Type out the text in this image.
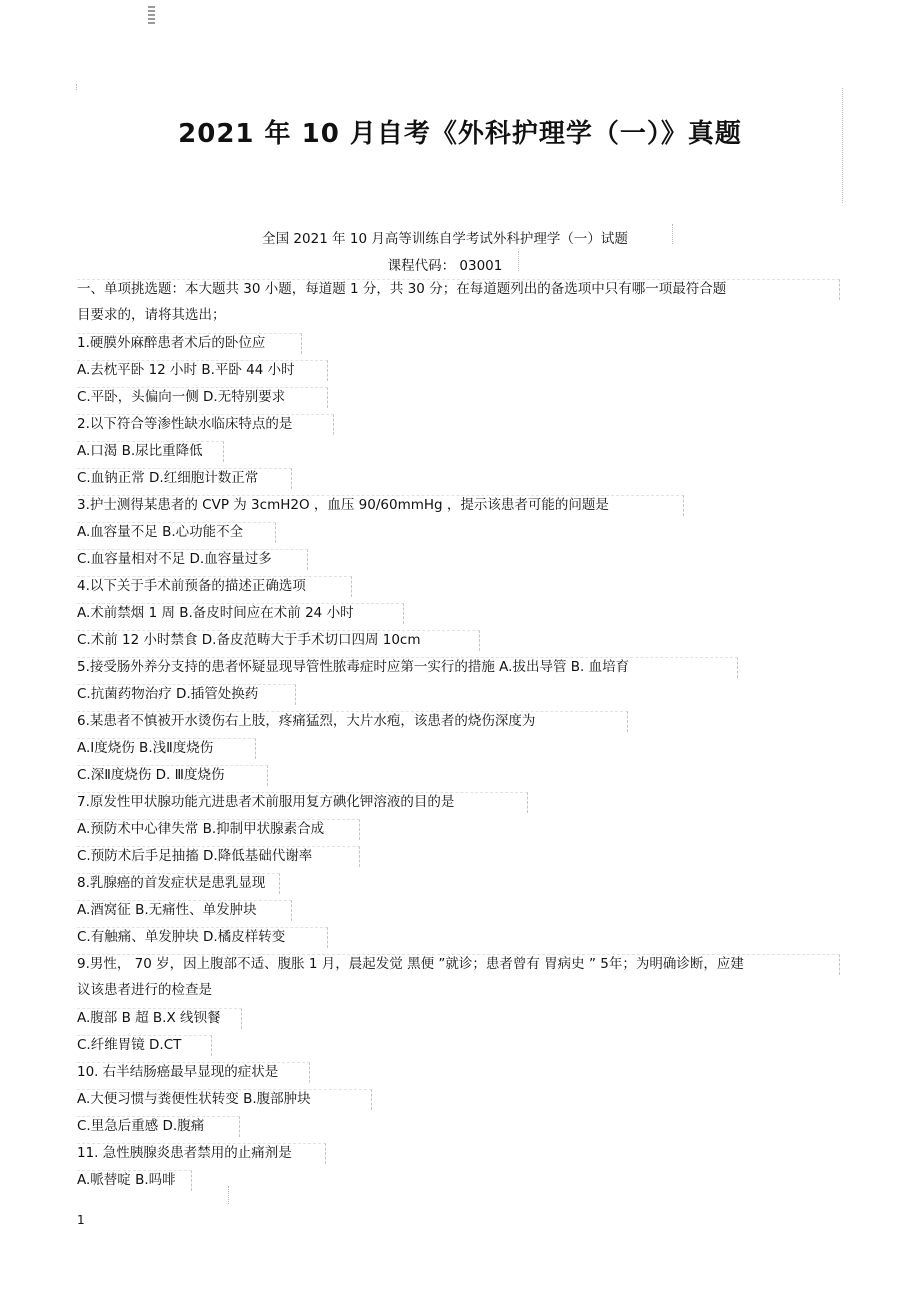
2021 年 10 月自考《外科护理学（一）》真题
全国 2021 年 10 月高等训练自学考试外科护理学（一）试题
课程代码： 03001
一、单项挑选题：本大题共 30 小题，每道题 1 分，共 30 分；在每道题列出的备选项中只有哪一项最符合题
目要求的，请将其选出；
1.硬膜外麻醉患者术后的卧位应
A.去枕平卧 12 小时 B.平卧 44 小时
C.平卧，头偏向一侧 D.无特别要求
2.以下符合等渗性缺水临床特点的是
A.口渴 B.尿比重降低
C.血钠正常 D.红细胞计数正常
3.护士测得某患者的 CVP 为 3cmH2O ，血压 90/60mmHg ，提示该患者可能的问题是
A.血容量不足 B.心功能不全
C.血容量相对不足 D.血容量过多
4.以下关于手术前预备的描述正确选项
A.术前禁烟 1 周 B.备皮时间应在术前 24 小时
C.术前 12 小时禁食 D.备皮范畴大于手术切口四周 10cm
5.接受肠外养分支持的患者怀疑显现导管性脓毒症时应第一实行的措施 A.拔出导管 B. 血培育
C.抗菌药物治疗 D.插管处换药
6.某患者不慎被开水烫伤右上肢，疼痛猛烈，大片水疱，该患者的烧伤深度为
A.Ⅰ度烧伤 B.浅Ⅱ度烧伤
C.深Ⅱ度烧伤 D. Ⅲ度烧伤
7.原发性甲状腺功能亢进患者术前服用复方碘化钾溶液的目的是
A.预防术中心律失常 B.抑制甲状腺素合成
C.预防术后手足抽搐 D.降低基础代谢率
8.乳腺癌的首发症状是患乳显现
A.酒窝征 B.无痛性、单发肿块
C.有触痛、单发肿块 D.橘皮样转变
9.男性， 70 岁，因上腹部不适、腹胀 1 月，晨起发觉 黑便 ”就诊；患者曾有 胃病史 ” 5年；为明确诊断，应建
议该患者进行的检查是
A.腹部 B 超 B.X 线钡餐
C.纤维胃镜 D.CT
10. 右半结肠癌最早显现的症状是
A.大便习惯与粪便性状转变 B.腹部肿块
C.里急后重感 D.腹痛
11. 急性胰腺炎患者禁用的止痛剂是
A.哌替啶 B.吗啡
1
